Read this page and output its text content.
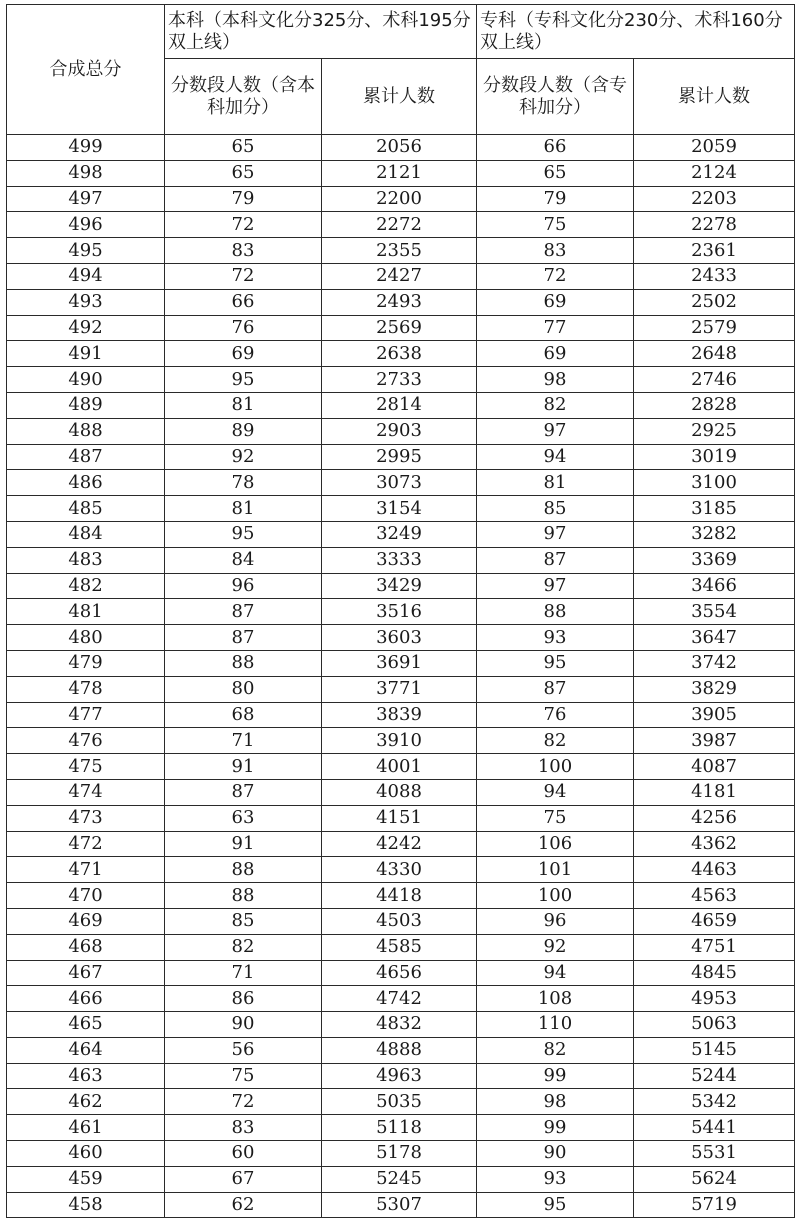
合成总分	本科（本科文化分325分、术科195分双上线）		专科（专科文化分230分、术科160分双上线）	
	分数段人数（含本科加分）	累计人数	分数段人数（含专科加分）	累计人数
499	65	2056	66	2059
498	65	2121	65	2124
497	79	2200	79	2203
496	72	2272	75	2278
495	83	2355	83	2361
494	72	2427	72	2433
493	66	2493	69	2502
492	76	2569	77	2579
491	69	2638	69	2648
490	95	2733	98	2746
489	81	2814	82	2828
488	89	2903	97	2925
487	92	2995	94	3019
486	78	3073	81	3100
485	81	3154	85	3185
484	95	3249	97	3282
483	84	3333	87	3369
482	96	3429	97	3466
481	87	3516	88	3554
480	87	3603	93	3647
479	88	3691	95	3742
478	80	3771	87	3829
477	68	3839	76	3905
476	71	3910	82	3987
475	91	4001	100	4087
474	87	4088	94	4181
473	63	4151	75	4256
472	91	4242	106	4362
471	88	4330	101	4463
470	88	4418	100	4563
469	85	4503	96	4659
468	82	4585	92	4751
467	71	4656	94	4845
466	86	4742	108	4953
465	90	4832	110	5063
464	56	4888	82	5145
463	75	4963	99	5244
462	72	5035	98	5342
461	83	5118	99	5441
460	60	5178	90	5531
459	67	5245	93	5624
458	62	5307	95	5719
